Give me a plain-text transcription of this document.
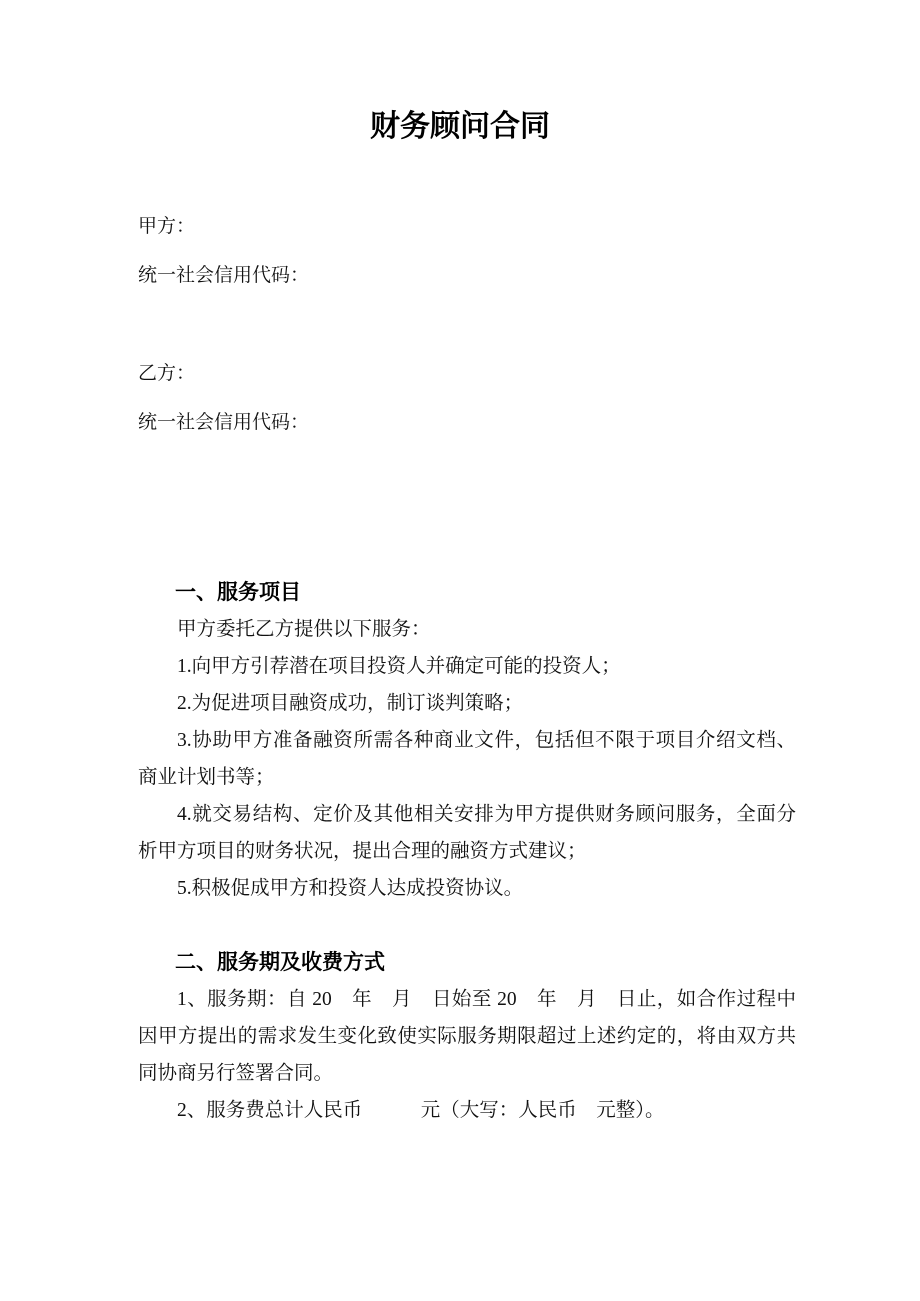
财务顾问合同

甲方：

统一社会信用代码：

乙方：

统一社会信用代码：

一、服务项目

甲方委托乙方提供以下服务：

1.向甲方引荐潜在项目投资人并确定可能的投资人；

2.为促进项目融资成功，制订谈判策略；

3.协助甲方准备融资所需各种商业文件，包括但不限于项目介绍文档、商业计划书等；

4.就交易结构、定价及其他相关安排为甲方提供财务顾问服务，全面分析甲方项目的财务状况，提出合理的融资方式建议；

5.积极促成甲方和投资人达成投资协议。

二、服务期及收费方式

1、服务期：自 20　年　月　日始至 20　年　月　日止，如合作过程中因甲方提出的需求发生变化致使实际服务期限超过上述约定的，将由双方共同协商另行签署合同。

2、服务费总计人民币　　　元（大写：人民币　元整）。
